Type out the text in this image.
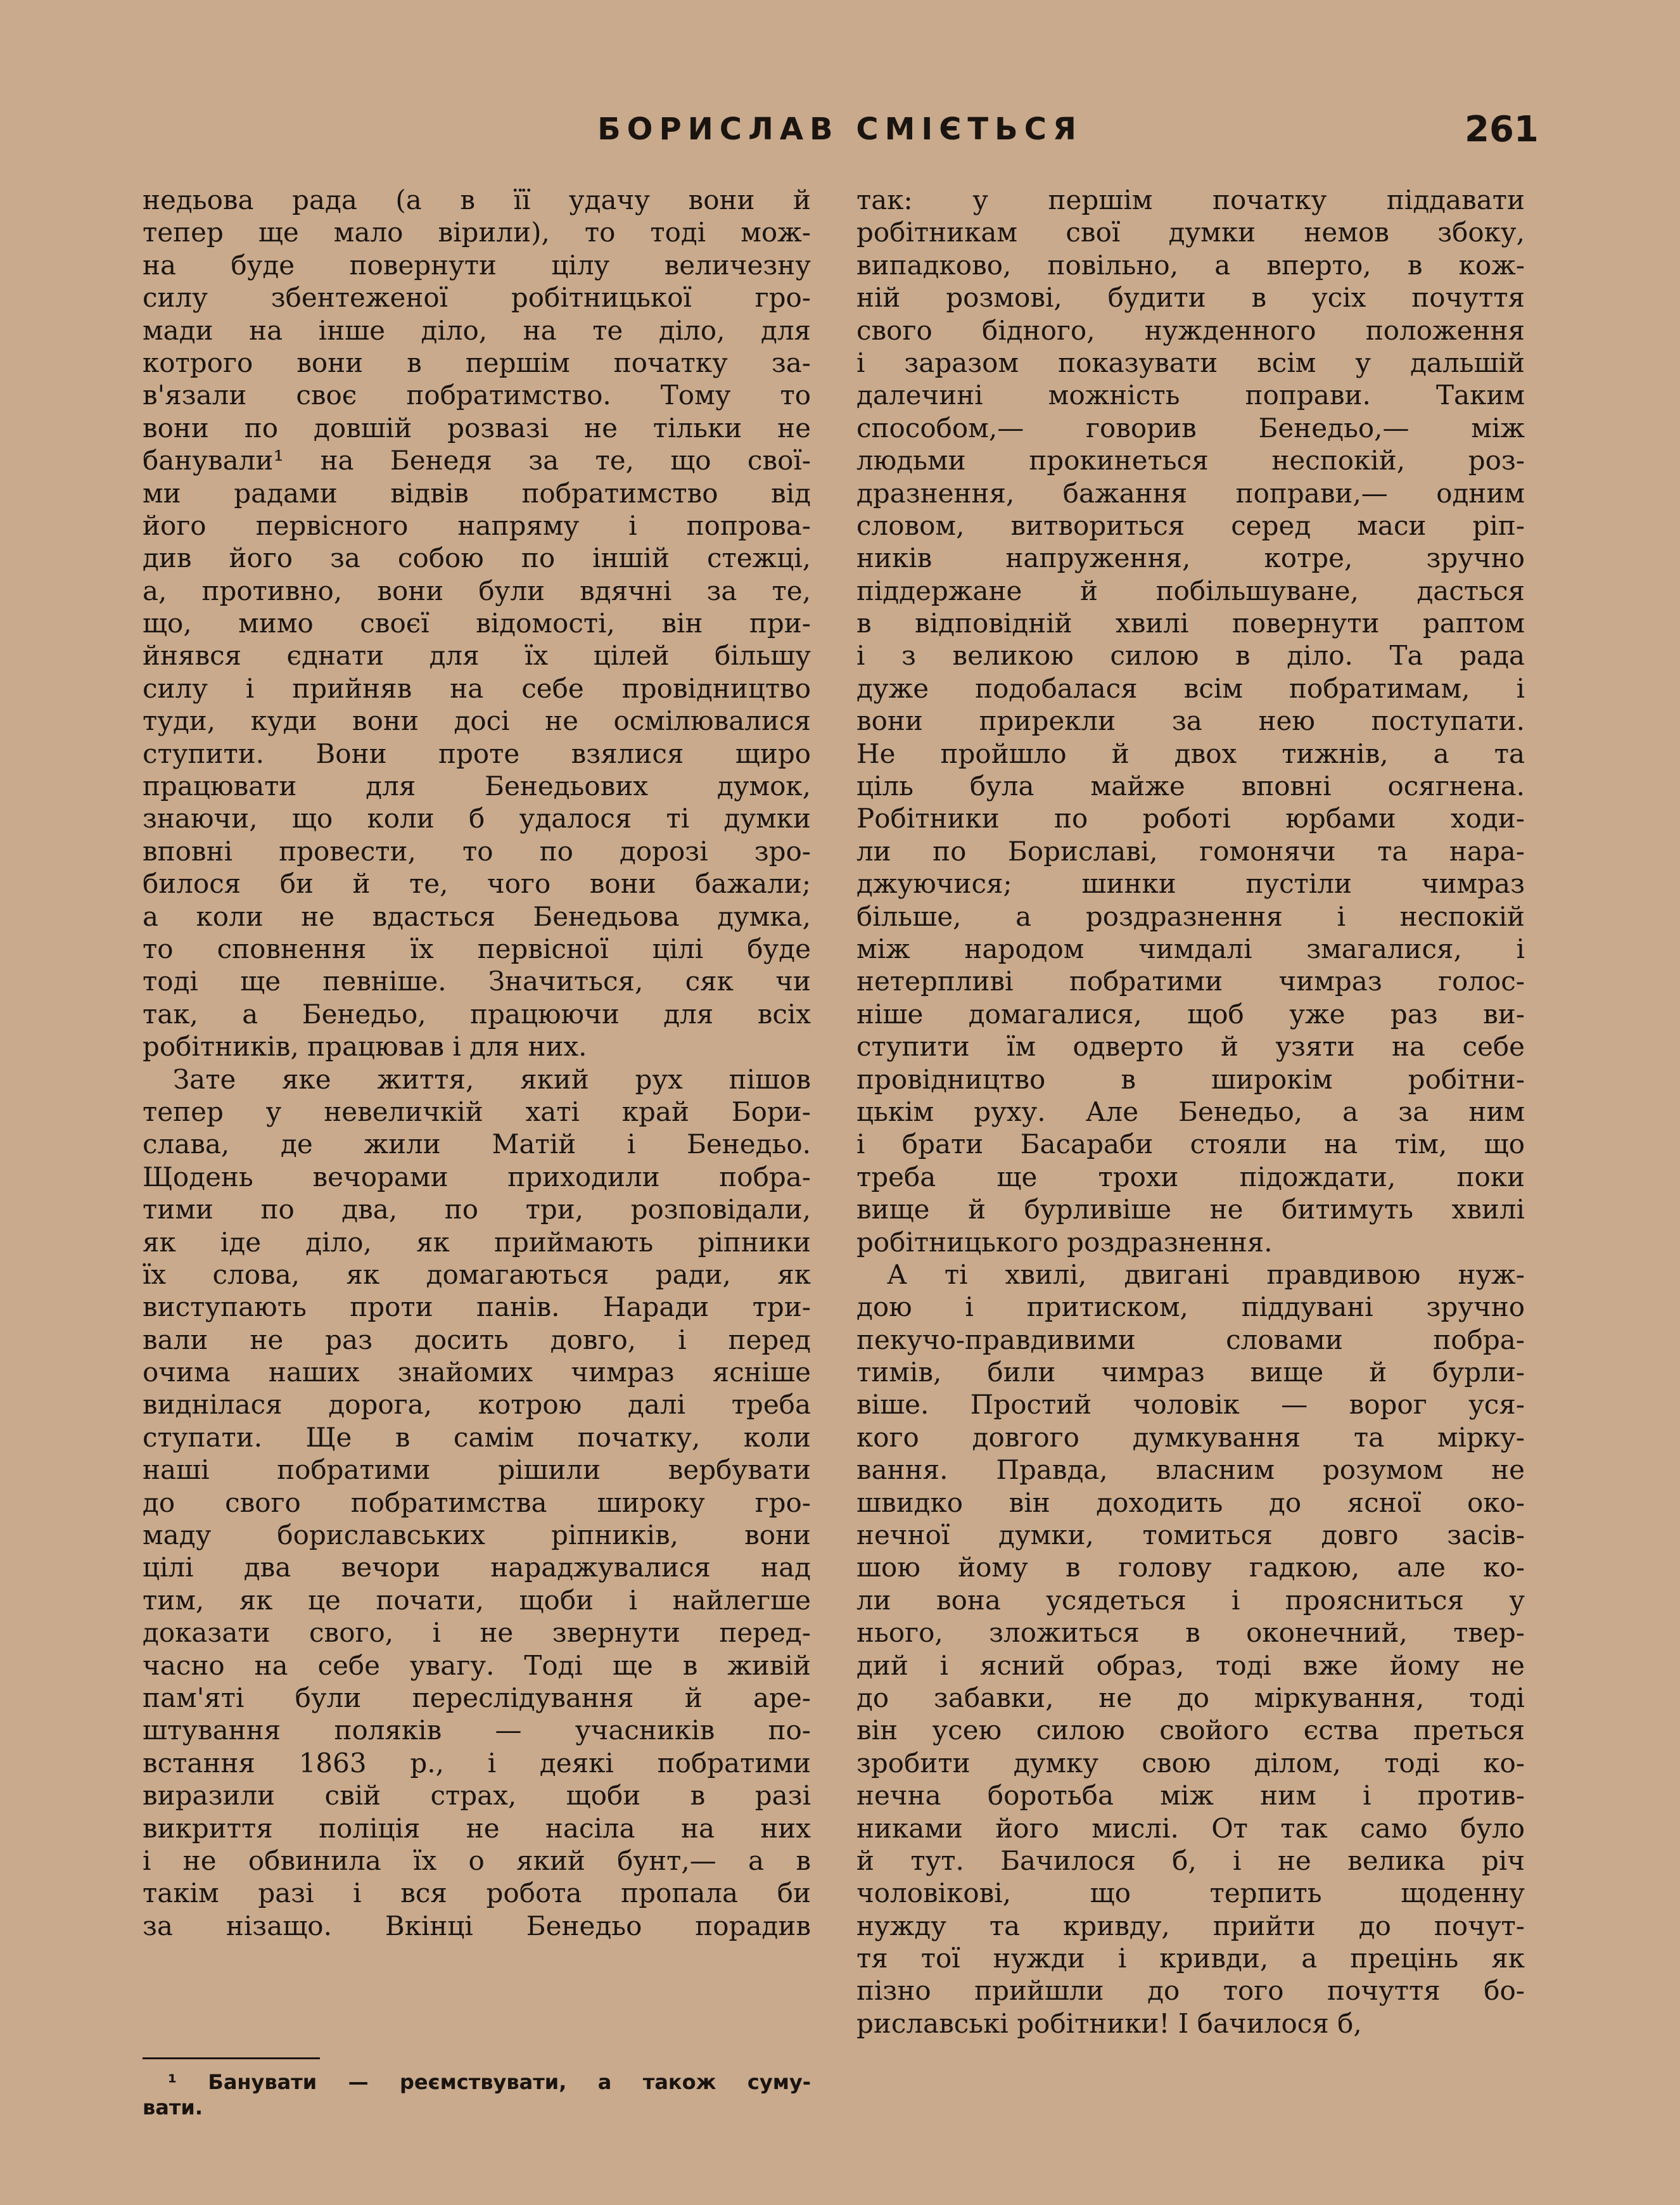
БОРИСЛАВ СМІЄТЬСЯ	261
недьова рада (а в її удачу вони й
тепер ще мало вірили), то тоді мож-
на буде повернути цілу величезну
силу збентеженої робітницької гро-
мади на інше діло, на те діло, для
котрого вони в першім початку за-
в'язали своє побратимство. Тому то
вони по довшій розвазі не тільки не
банували¹ на Бенедя за те, що свої-
ми радами відвів побратимство від
його первісного напряму і попрова-
див його за собою по іншій стежці,
а, противно, вони були вдячні за те,
що, мимо своєї відомості, він при-
йнявся єднати для їх цілей більшу
силу і прийняв на себе провідництво
туди, куди вони досі не осмілювалися
ступити. Вони проте взялися щиро
працювати для Бенедьових думок,
знаючи, що коли б удалося ті думки
вповні провести, то по дорозі зро-
билося би й те, чого вони бажали;
а коли не вдасться Бенедьова думка,
то сповнення їх первісної цілі буде
тоді ще певніше. Значиться, сяк чи
так, а Бенедьо, працюючи для всіх
робітників, працював і для них.
Зате яке життя, який рух пішов
тепер у невеличкій хаті край Бори-
слава, де жили Матій і Бенедьо.
Щодень вечорами приходили побра-
тими по два, по три, розповідали,
як іде діло, як приймають ріпники
їх слова, як домагаються ради, як
виступають проти панів. Наради три-
вали не раз досить довго, і перед
очима наших знайомих чимраз ясніше
виднілася дорога, котрою далі треба
ступати. Ще в самім початку, коли
наші побратими рішили вербувати
до свого побратимства широку гро-
маду бориславських ріпників, вони
цілі два вечори нараджувалися над
тим, як це почати, щоби і найлегше
доказати свого, і не звернути перед-
часно на себе увагу. Тоді ще в живій
пам'яті були переслідування й аре-
штування поляків — учасників по-
встання 1863 р., і деякі побратими
виразили свій страх, щоби в разі
викриття поліція не насіла на них
і не обвинила їх о який бунт,— а в
такім разі і вся робота пропала би
за нізащо. Вкінці Бенедьо порадив
так: у першім початку піддавати
робітникам свої думки немов збоку,
випадково, повільно, а вперто, в кож-
ній розмові, будити в усіх почуття
свого бідного, нужденного положення
і заразом показувати всім у дальшій
далечині можність поправи. Таким
способом,— говорив Бенедьо,— між
людьми прокинеться неспокій, роз-
дразнення, бажання поправи,— одним
словом, витвориться серед маси ріп-
ників напруження, котре, зручно
піддержане й побільшуване, дасться
в відповідній хвилі повернути раптом
і з великою силою в діло. Та рада
дуже подобалася всім побратимам, і
вони прирекли за нею поступати.
Не пройшло й двох тижнів, а та
ціль була майже вповні осягнена.
Робітники по роботі юрбами ходи-
ли по Бориславі, гомонячи та нара-
джуючися; шинки пустіли чимраз
більше, а роздразнення і неспокій
між народом чимдалі змагалися, і
нетерпливі побратими чимраз голос-
ніше домагалися, щоб уже раз ви-
ступити їм одверто й узяти на себе
провідництво в широкім робітни-
цькім руху. Але Бенедьо, а за ним
і брати Басараби стояли на тім, що
треба ще трохи підождати, поки
вище й бурливіше не битимуть хвилі
робітницького роздразнення.
А ті хвилі, двигані правдивою нуж-
дою і притиском, піддувані зручно
пекучо-правдивими словами побра-
тимів, били чимраз вище й бурли-
віше. Простий чоловік — ворог уся-
кого довгого думкування та мірку-
вання. Правда, власним розумом не
швидко він доходить до ясної око-
нечної думки, томиться довго засів-
шою йому в голову гадкою, але ко-
ли вона усядеться і проясниться у
нього, зложиться в оконечний, твер-
дий і ясний образ, тоді вже йому не
до забавки, не до міркування, тоді
він усею силою свойого єства преться
зробити думку свою ділом, тоді ко-
нечна боротьба між ним і против-
никами його мислі. От так само було
й тут. Бачилося б, і не велика річ
чоловікові, що терпить щоденну
нужду та кривду, прийти до почут-
тя тої нужди і кривди, а прецінь як
пізно прийшли до того почуття бо-
риславські робітники! І бачилося б,
¹ Банувати — реємствувати, а також суму-
вати.
